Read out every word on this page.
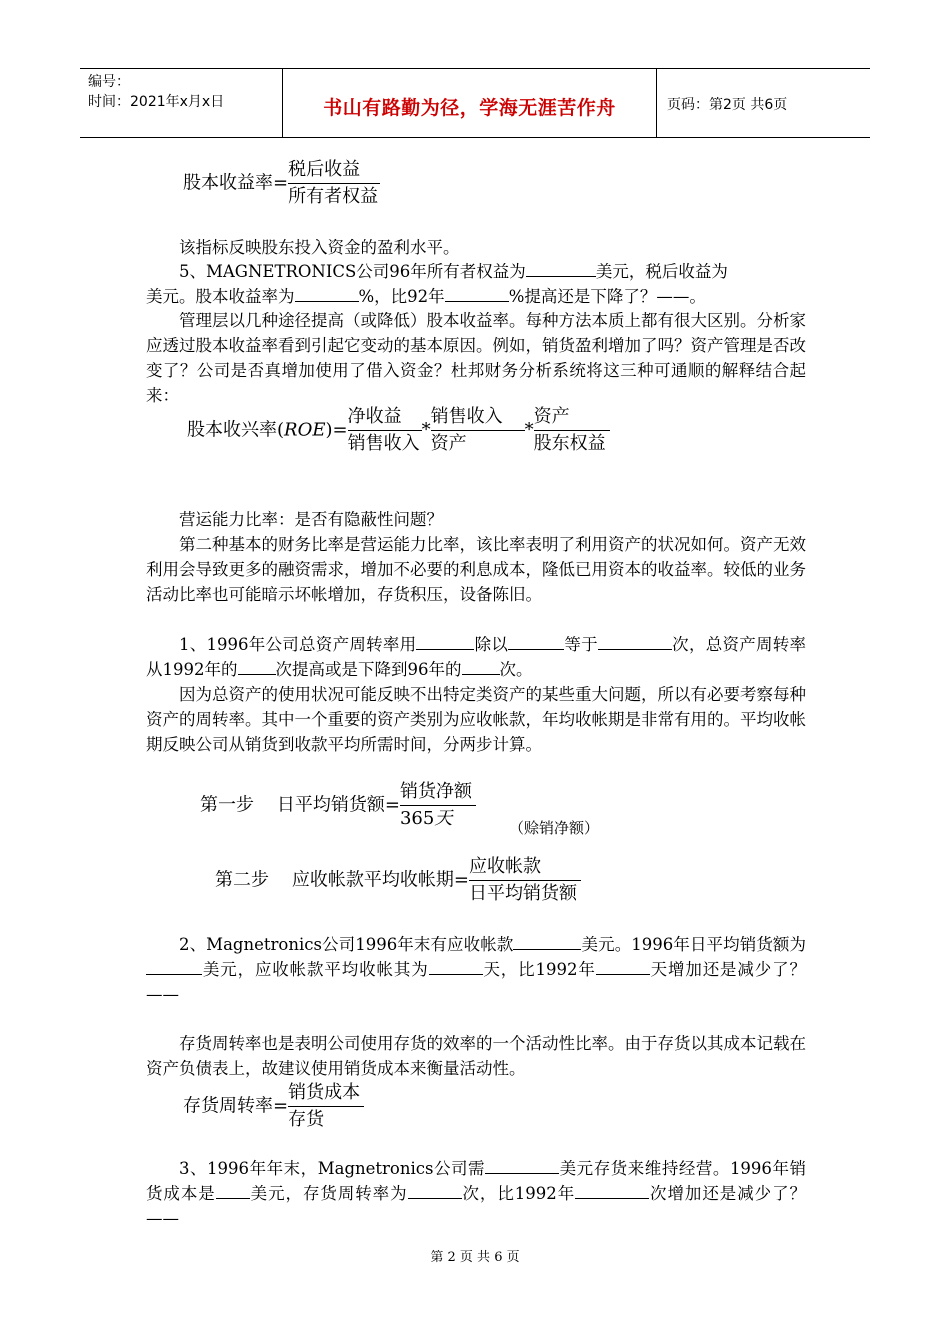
编号：
时间：2021年x月x日	书山有路勤为径，学海无涯苦作舟	页码：第2页 共6页
股本收益率= $\frac{\text{税后收益}}{\text{所有者权益}}$

该指标反映股东投入资金的盈利水平。

5、MAGNETRONICS公司96年所有者权益为	美元，税后收益为
美元。股本收益率为	%，比92年	%提高还是下降了？——。

管理层以几种途径提高（或降低）股本收益率。每种方法本质上都有很大区别。分析家应透过股本收益率看到引起它变动的基本原因。例如，销货盈利增加了吗？资产管理是否改变了？公司是否真增加使用了借入资金？杜邦财务分析系统将这三种可通顺的解释结合起来：

股本收兴率$(ROE)= \frac{\text{净收益}}{\text{销售收入}} * \frac{\text{销售收入}}{\text{资产}} * \frac{\text{资产}}{\text{股东权益}}$

营运能力比率：是否有隐蔽性问题？

第二种基本的财务比率是营运能力比率，该比率表明了利用资产的状况如何。资产无效利用会导致更多的融资需求，增加不必要的利息成本，隆低已用资本的收益率。较低的业务活动比率也可能暗示坏帐增加，存货积压，设备陈旧。

1、1996年公司总资产周转率用	除以	等于	次，总资产周转率从1992年的 次提高或是下降到96年的 次。

因为总资产的使用状况可能反映不出特定类资产的某些重大问题，所以有必要考察每种资产的周转率。其中一个重要的资产类别为应收帐款，年均收帐期是非常有用的。平均收帐期反映公司从销货到收款平均所需时间，分两步计算。

第一步    日平均销货额= $\frac{\text{销货净额}}{\text{365天}}$ （赊销净额）
第二步    应收帐款平均收帐期= $\frac{\text{应收帐款}}{\text{日平均销货额}}$

2、Magnetronics公司1996年末有应收帐款	美元。1996年日平均销货额为美元，应收帐款平均收帐其为	天，比1992年	天增加还是减少了？——

存货周转率也是表明公司使用存货的效率的一个活动性比率。由于存货以其成本记载在资产负债表上，故建议使用销货成本来衡量活动性。

存货周转率= $\frac{\text{销货成本}}{\text{存货}}$

3、1996年年末，Magnetronics公司需	美元存货来维持经营。1996年销货成本是 美元，存货周转率为	次，比1992年	次增加还是减少了？——

第 2 页 共 6 页
